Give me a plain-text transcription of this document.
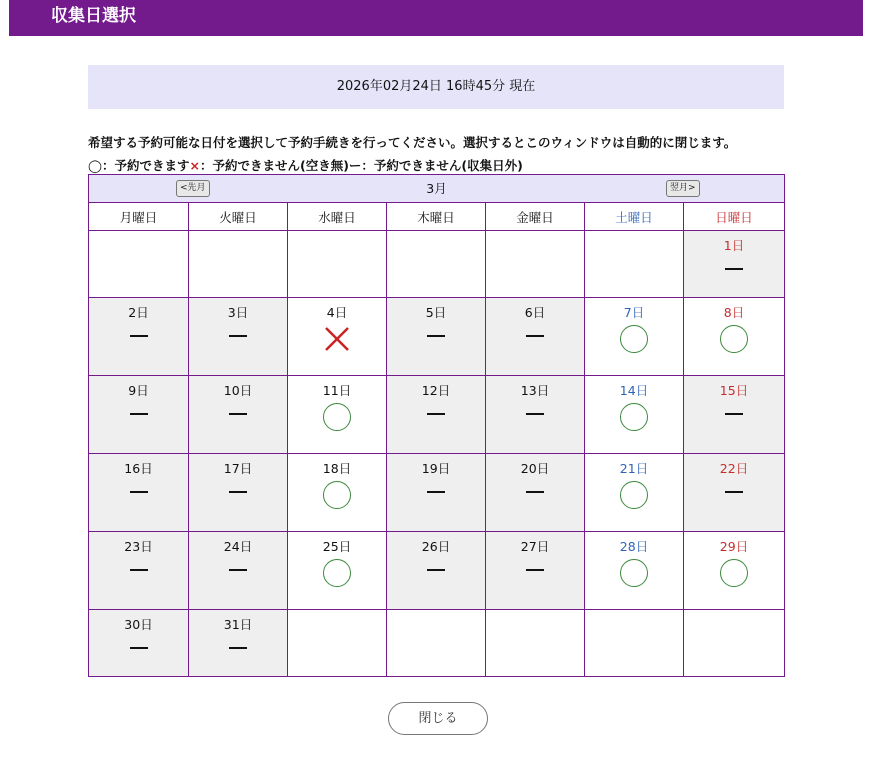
収集日選択
2026年02月24日 16時45分 現在
希望する予約可能な日付を選択して予約手続きを行ってください。選択するとこのウィンドウは自動的に閉じます。
◯：予約できます×：予約できません(空き無)ー：予約できません(収集日外)
<先月 3月 翌月>						

月曜日	火曜日	水曜日	木曜日	金曜日	土曜日	日曜日

						1日

2日	3日	4日	5日	6日	7日	8日

9日	10日	11日	12日	13日	14日	15日

16日	17日	18日	19日	20日	21日	22日

23日	24日	25日	26日	27日	28日	29日

30日	31日					

閉じる
